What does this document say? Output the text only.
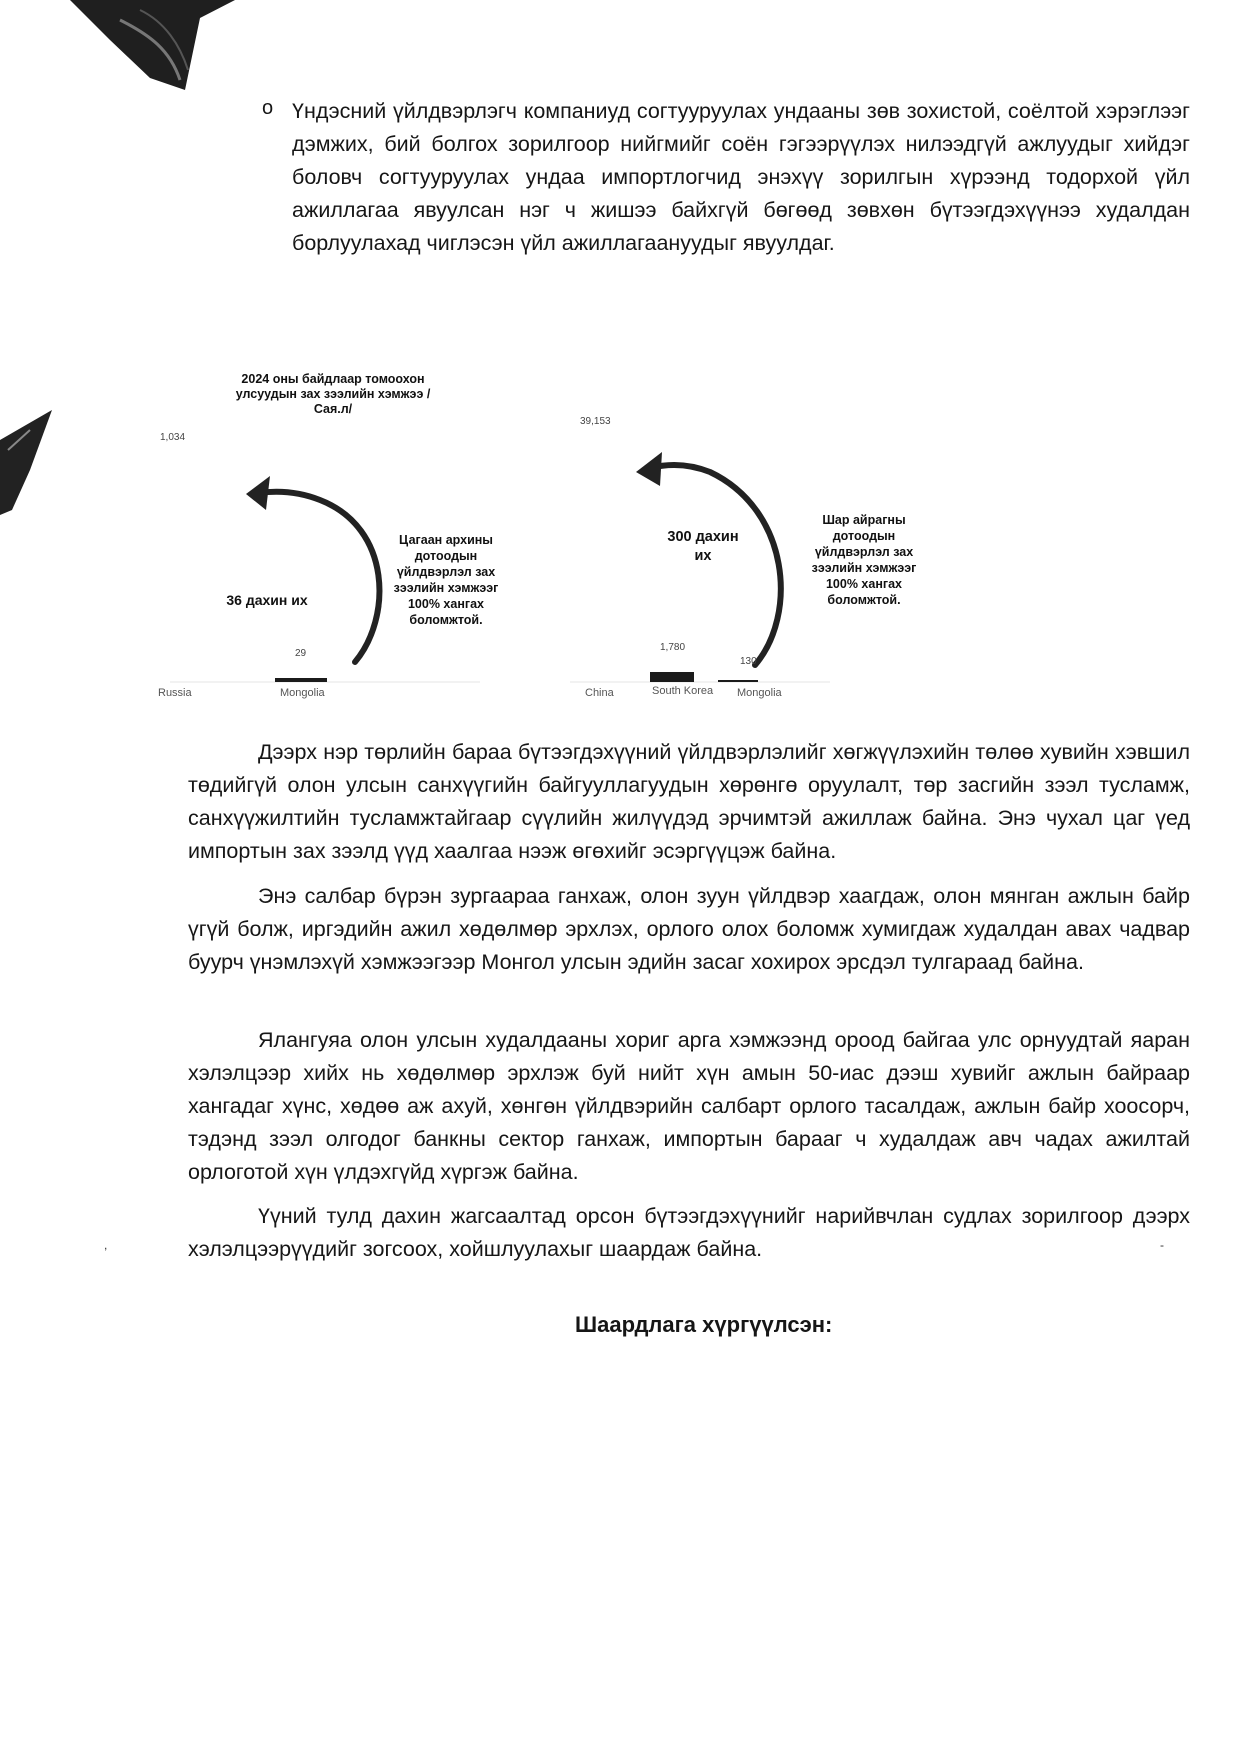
o Үндэсний үйлдвэрлэгч компаниуд согтууруулах ундааны зөв зохистой, соёлтой хэрэглээг дэмжих, бий болгох зорилгоор нийгмийг соён гэгээрүүлэх нилээдгүй ажлуудыг хийдэг боловч согтууруулах ундаа импортлогчид энэхүү зорилгын хүрээнд тодорхой үйл ажиллагаа явуулсан нэг ч жишээ байхгүй бөгөөд зөвхөн бүтээгдэхүүнээ худалдан борлуулахад чиглэсэн үйл ажиллагаануудыг явуулдаг.

2024 оны байдлаар томоохон улсуудын зах зээлийн хэмжээ /Сая.л/
1,034
29
36 дахин их
Цагаан архины дотоодын үйлдвэрлэл зах зээлийн хэмжээг 100% хангах боломжтой.
Russia	Mongolia
39,153
1,780
130
300 дахин их
Шар айрагны дотоодын үйлдвэрлэл зах зээлийн хэмжээг 100% хангах боломжтой.
China	South Korea Mongolia

Дээрх нэр төрлийн бараа бүтээгдэхүүний үйлдвэрлэлийг хөгжүүлэхийн төлөө хувийн хэвшил төдийгүй олон улсын санхүүгийн байгууллагуудын хөрөнгө оруулалт, төр засгийн зээл тусламж, санхүүжилтийн тусламжтайгаар сүүлийн жилүүдэд эрчимтэй ажиллаж байна. Энэ чухал цаг үед импортын зах зээлд үүд хаалгаа нээж өгөхийг эсэргүүцэж байна.

Энэ салбар бүрэн зургаараа ганхаж, олон зуун үйлдвэр хаагдаж, олон мянган ажлын байр үгүй болж, иргэдийн ажил хөдөлмөр эрхлэх, орлого олох боломж хумигдаж худалдан авах чадвар буурч үнэмлэхүй хэмжээгээр Монгол улсын эдийн засаг хохирох эрсдэл тулгараад байна.

Ялангуяа олон улсын худалдааны хориг арга хэмжээнд ороод байгаа улс орнуудтай яаран хэлэлцээр хийх нь хөдөлмөр эрхлэж буй нийт хүн амын 50-иас дээш хувийг ажлын байраар хангадаг хүнс, хөдөө аж ахуй, хөнгөн үйлдвэрийн салбарт орлого тасалдаж, ажлын байр хоосорч, тэдэнд зээл олгодог банкны сектор ганхаж, импортын барааг ч худалдаж авч чадах ажилтай орлоготой хүн үлдэхгүйд хүргэж байна.

Үүний тулд дахин жагсаалтад орсон бүтээгдэхүүнийг нарийвчлан судлах зорилгоор дээрх хэлэлцээрүүдийг зогсоох, хойшлуулахыг шаардаж байна.

Шаардлага хүргүүлсэн:

,	-
